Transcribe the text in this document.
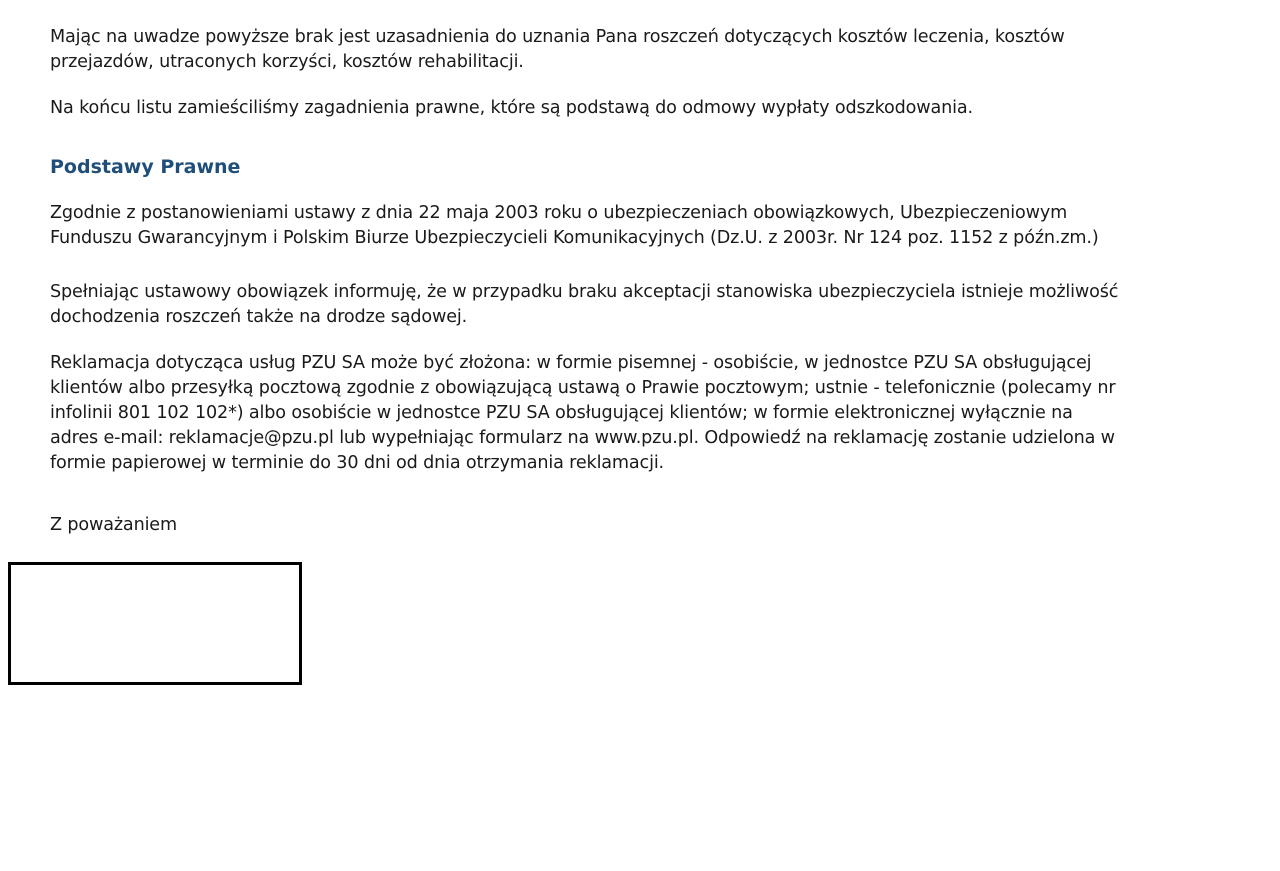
Mając na uwadze powyższe brak jest uzasadnienia do uznania Pana roszczeń dotyczących kosztów leczenia, kosztów
przejazdów, utraconych korzyści, kosztów rehabilitacji.

Na końcu listu zamieściliśmy zagadnienia prawne, które są podstawą do odmowy wypłaty odszkodowania.

Podstawy Prawne

Zgodnie z postanowieniami ustawy z dnia 22 maja 2003 roku o ubezpieczeniach obowiązkowych, Ubezpieczeniowym
Funduszu Gwarancyjnym i Polskim Biurze Ubezpieczycieli Komunikacyjnych (Dz.U. z 2003r. Nr 124 poz. 1152 z późn.zm.)

Spełniając ustawowy obowiązek informuję, że w przypadku braku akceptacji stanowiska ubezpieczyciela istnieje możliwość
dochodzenia roszczeń także na drodze sądowej.

Reklamacja dotycząca usług PZU SA może być złożona: w formie pisemnej - osobiście, w jednostce PZU SA obsługującej
klientów albo przesyłką pocztową zgodnie z obowiązującą ustawą o Prawie pocztowym; ustnie - telefonicznie (polecamy nr
infolinii 801 102 102*) albo osobiście w jednostce PZU SA obsługującej klientów; w formie elektronicznej wyłącznie na
adres e-mail: reklamacje@pzu.pl lub wypełniając formularz na www.pzu.pl. Odpowiedź na reklamację zostanie udzielona w
formie papierowej w terminie do 30 dni od dnia otrzymania reklamacji.

Z poważaniem
